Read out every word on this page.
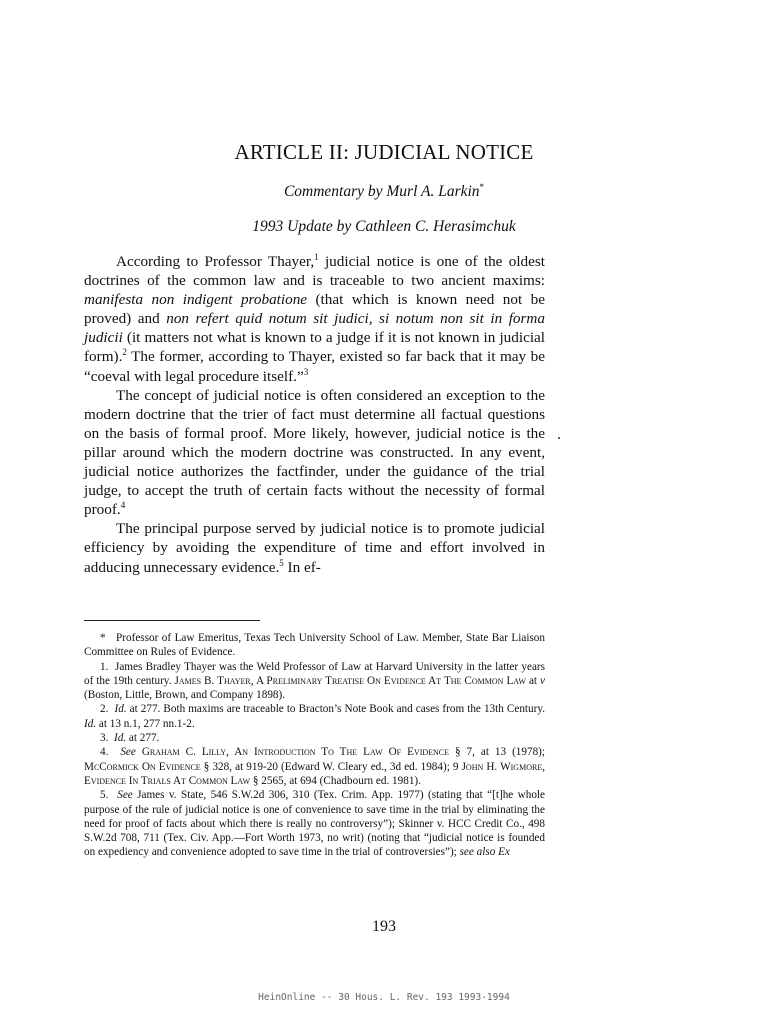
ARTICLE II: JUDICIAL NOTICE
Commentary by Murl A. Larkin*
1993 Update by Cathleen C. Herasimchuk

According to Professor Thayer,$^1$ judicial notice is one of the oldest doctrines of the common law and is traceable to two ancient maxims: manifesta non indigent probatione (that which is known need not be proved) and non refert quid notum sit judici, si notum non sit in forma judicii (it matters not what is known to a judge if it is not known in judicial form).$^2$ The former, according to Thayer, existed so far back that it may be “coeval with legal procedure itself.”$^3$

The concept of judicial notice is often considered an exception to the modern doctrine that the trier of fact must determine all factual questions on the basis of formal proof. More likely, however, judicial notice is the pillar around which the modern doctrine was constructed. In any event, judicial notice authorizes the factfinder, under the guidance of the trial judge, to accept the truth of certain facts without the necessity of formal proof.$^4$

The principal purpose served by judicial notice is to promote judicial efficiency by avoiding the expenditure of time and effort involved in adducing unnecessary evidence.$^5$ In ef-

* Professor of Law Emeritus, Texas Tech University School of Law. Member, State Bar Liaison Committee on Rules of Evidence.

1. James Bradley Thayer was the Weld Professor of Law at Harvard University in the latter years of the 19th century. James B. Thayer, A Preliminary Treatise On Evidence At The Common Law at v (Boston, Little, Brown, and Company 1898).

2. Id. at 277. Both maxims are traceable to Bracton’s Note Book and cases from the 13th Century. Id. at 13 n.1, 277 nn.1-2.

3. Id. at 277.

4. See Graham C. Lilly, An Introduction To The Law Of Evidence § 7, at 13 (1978); McCormick On Evidence § 328, at 919-20 (Edward W. Cleary ed., 3d ed. 1984); 9 John H. Wigmore, Evidence In Trials At Common Law § 2565, at 694 (Chadbourn ed. 1981).

5. See James v. State, 546 S.W.2d 306, 310 (Tex. Crim. App. 1977) (stating that “[t]he whole purpose of the rule of judicial notice is one of convenience to save time in the trial by eliminating the need for proof of facts about which there is really no controversy”); Skinner v. HCC Credit Co., 498 S.W.2d 708, 711 (Tex. Civ. App.—Fort Worth 1973, no writ) (noting that “judicial notice is founded on expediency and convenience adopted to save time in the trial of controversies”); see also Ex

193
HeinOnline -- 30 Hous. L. Rev. 193 1993-1994
